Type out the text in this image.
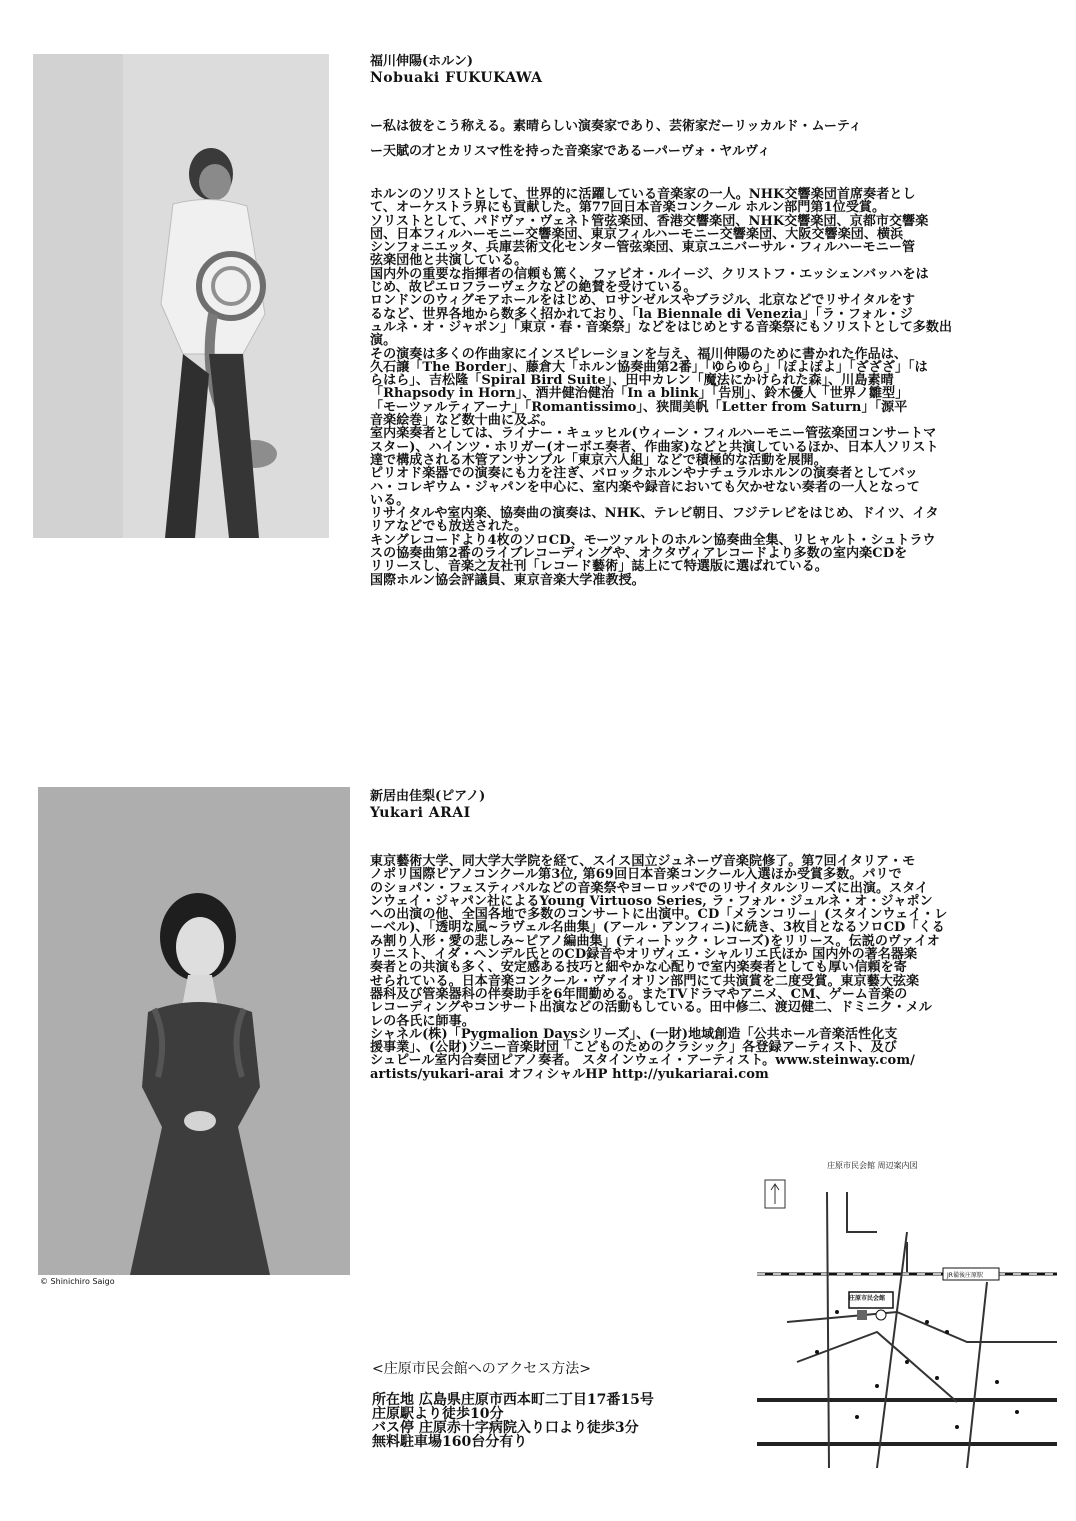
福川伸陽(ホルン)

Nobuaki FUKUKAWA

ー私は彼をこう称える。素晴らしい演奏家であり、芸術家だーリッカルド・ムーティ

ー天賦の才とカリスマ性を持った音楽家であるーパーヴォ・ヤルヴィ

ホルンのソリストとして、世界的に活躍している音楽家の一人。NHK交響楽団首席奏者とし
て、オーケストラ界にも貢献した。第77回日本音楽コンクール ホルン部門第1位受賞。
ソリストとして、パドヴァ・ヴェネト管弦楽団、香港交響楽団、NHK交響楽団、京都市交響楽
団、日本フィルハーモニー交響楽団、東京フィルハーモニー交響楽団、大阪交響楽団、横浜
シンフォニエッタ、兵庫芸術文化センター管弦楽団、東京ユニバーサル・フィルハーモニー管
弦楽団他と共演している。
国内外の重要な指揮者の信頼も篤く、ファビオ・ルイージ、クリストフ・エッシェンバッハをは
じめ、故ピエロフラーヴェクなどの絶賛を受けている。
ロンドンのウィグモアホールをはじめ、ロサンゼルスやブラジル、北京などでリサイタルをす
るなど、世界各地から数多く招かれており、「la Biennale di Venezia」「ラ・フォル・ジ
ュルネ・オ・ジャポン」「東京・春・音楽祭」などをはじめとする音楽祭にもソリストとして多数出
演。
その演奏は多くの作曲家にインスピレーションを与え、福川伸陽のために書かれた作品は、
久石譲「The Border」、藤倉大「ホルン協奏曲第2番」「ゆらゆら」「ぽよぽよ」「ざざざ」「は
らはら」、吉松隆「Spiral Bird Suite」、田中カレン「魔法にかけられた森」、川島素晴
「Rhapsody in Horn」、酒井健治健治「In a blink」「告別」、鈴木優人「世界ノ雛型」
「モーツァルティアーナ」「Romantissimo」、狭間美帆「Letter from Saturn」「源平
音楽絵巻」など数十曲に及ぶ。
室内楽奏者としては、ライナー・キュッヒル(ウィーン・フィルハーモニー管弦楽団コンサートマ
スター)、ハインツ・ホリガー(オーボエ奏者、作曲家)などと共演しているほか、日本人ソリスト
達で構成される木管アンサンブル「東京六人組」などで積極的な活動を展開。
ピリオド楽器での演奏にも力を注ぎ、バロックホルンやナチュラルホルンの演奏者としてバッ
ハ・コレギウム・ジャパンを中心に、室内楽や録音においても欠かせない奏者の一人となって
いる。
リサイタルや室内楽、協奏曲の演奏は、NHK、テレビ朝日、フジテレビをはじめ、ドイツ、イタ
リアなどでも放送された。
キングレコードより4枚のソロCD、モーツァルトのホルン協奏曲全集、リヒャルト・シュトラウ
スの協奏曲第2番のライブレコーディングや、オクタヴィアレコードより多数の室内楽CDを
リリースし、音楽之友社刊「レコード藝術」誌上にて特選版に選ばれている。
国際ホルン協会評議員、東京音楽大学准教授。
© Shinichiro Saigo

新居由佳梨(ピアノ)

Yukari ARAI

東京藝術大学、同大学大学院を経て、スイス国立ジュネーヴ音楽院修了。第7回イタリア・モ
ノポリ国際ピアノコンクール第3位, 第69回日本音楽コンクール入選ほか受賞多数。パリで
のショパン・フェスティバルなどの音楽祭やヨーロッパでのリサイタルシリーズに出演。スタイ
ンウェイ・ジャパン社によるYoung Virtuoso Series, ラ・フォル・ジュルネ・オ・ジャポン
への出演の他、全国各地で多数のコンサートに出演中。CD「メランコリー」(スタインウェイ・レ
ーベル)、「透明な風~ラヴェル名曲集」(アール・アンフィニ)に続き、3枚目となるソロCD「くる
み割り人形・愛の悲しみ~ピアノ編曲集」(ティートック・レコーズ)をリリース。伝説のヴァイオ
リニスト、イダ・ヘンデル氏とのCD録音やオリヴィエ・シャルリエ氏ほか 国内外の著名器楽
奏者との共演も多く、安定感ある技巧と細やかな心配りで室内楽奏者としても厚い信頼を寄
せられている。日本音楽コンクール・ヴァイオリン部門にて共演賞を二度受賞。東京藝大弦楽
器科及び管楽器科の伴奏助手を6年間勤める。またTVドラマやアニメ、CM、ゲーム音楽の
レコーディングやコンサート出演などの活動もしている。田中修二、渡辺健二、ドミニク・メル
レの各氏に師事。
シャネル(株)「Pygmalion Daysシリーズ」、(一財)地域創造「公共ホール音楽活性化支
援事業」、(公財)ソニー音楽財団「こどものためのクラシック」各登録アーティスト、及び
シュピール室内合奏団ピアノ奏者。 スタインウェイ・アーティスト。www.steinway.com/
artists/yukari-arai オフィシャルHP http://yukariarai.com

<庄原市民会館へのアクセス方法>

所在地 広島県庄原市西本町二丁目17番15号

庄原駅より徒歩10分

バス停 庄原赤十字病院入り口より徒歩3分

無料駐車場160台分有り

庄原市民会館 周辺案内図
庄原市民会館
JR備後庄原駅
